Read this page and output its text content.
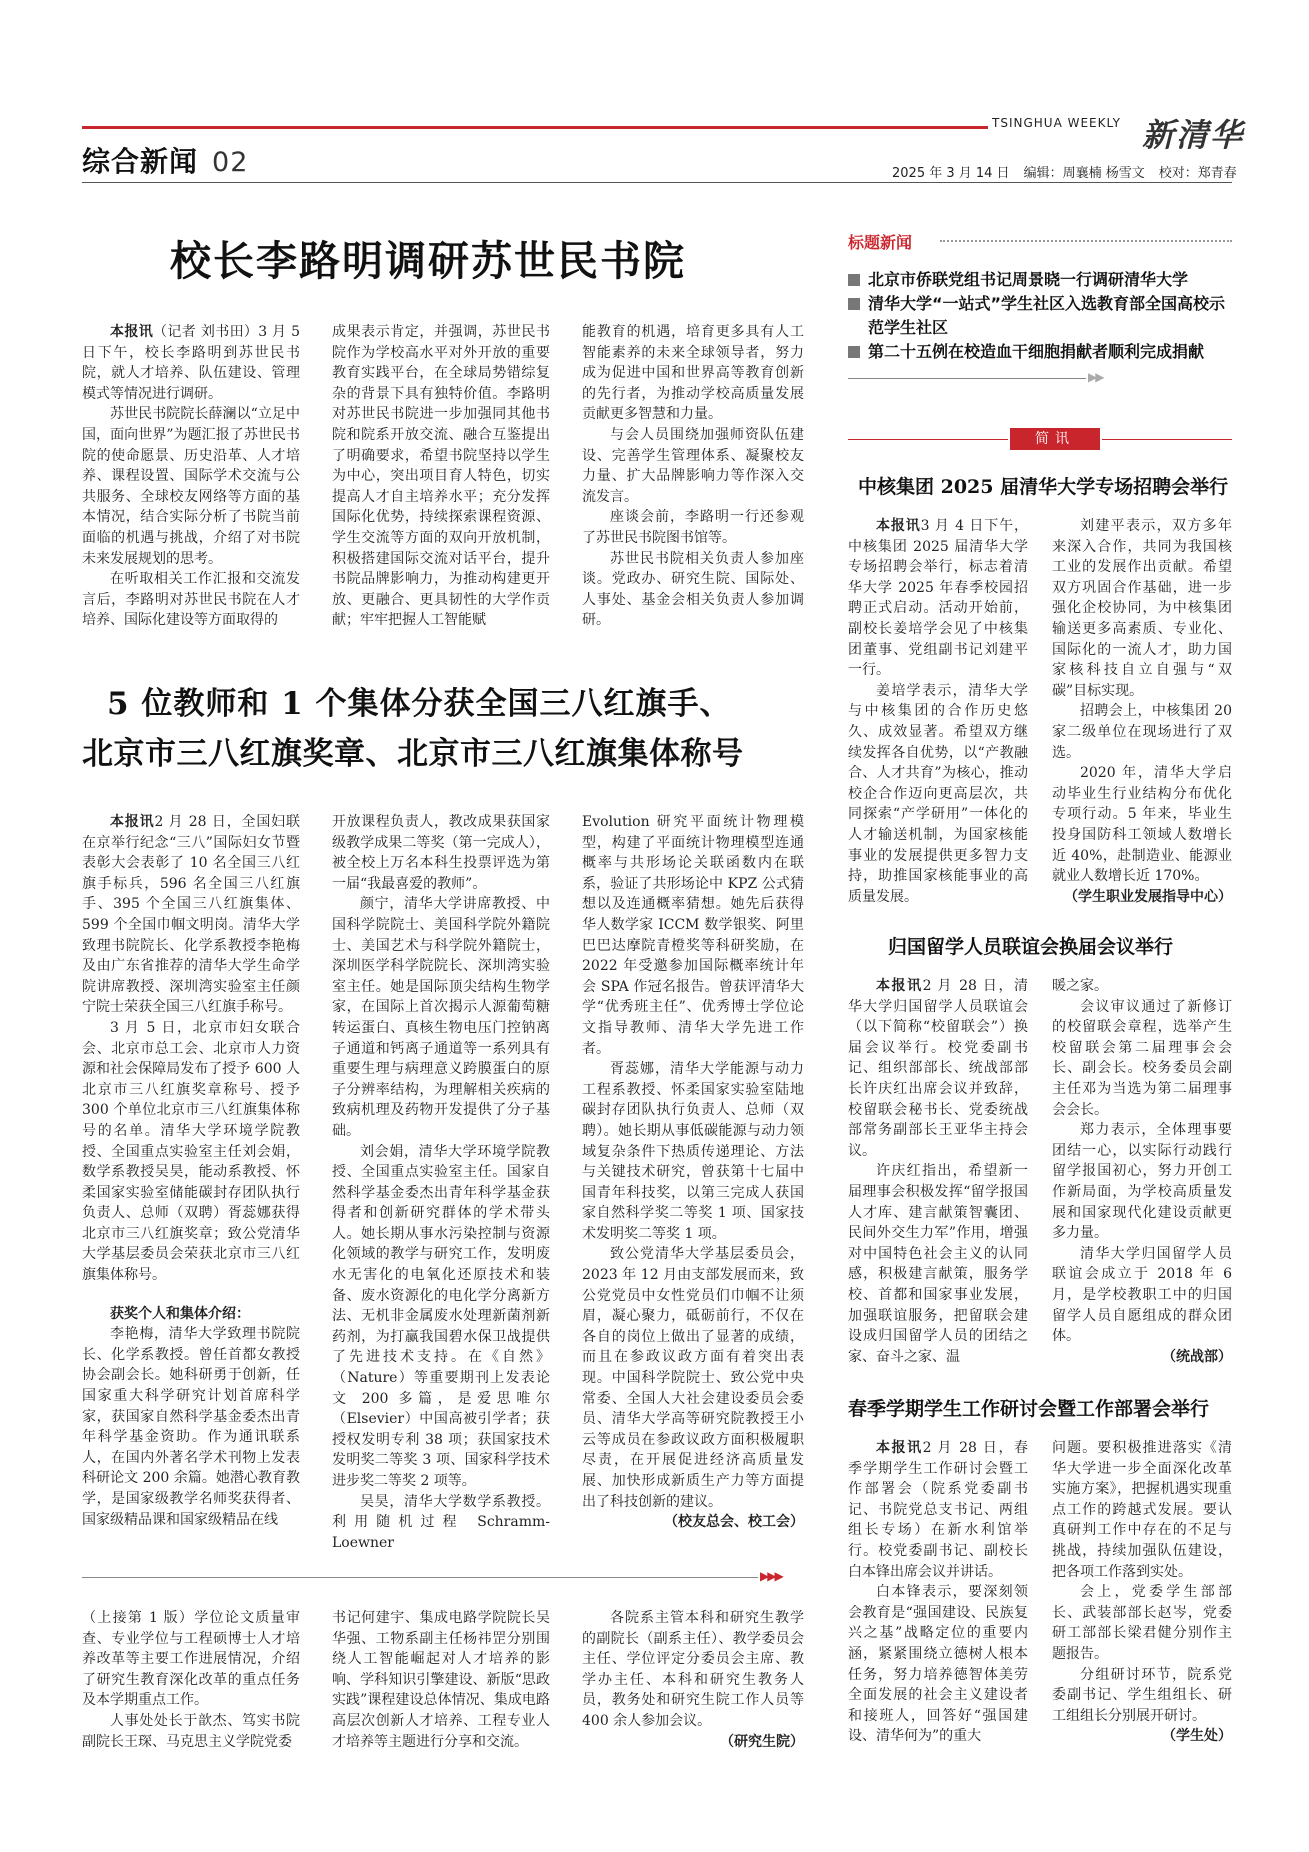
TSINGHUA WEEKLY 新清华
综合新闻 02	2025 年 3 月 14 日 编辑：周襄楠 杨雪文 校对：郑青春
校长李路明调研苏世民书院

本报讯（记者 刘书田）3 月 5 日下午，校长李路明到苏世民书院，就人才培养、队伍建设、管理模式等情况进行调研。

苏世民书院院长薛澜以“立足中国，面向世界”为题汇报了苏世民书院的使命愿景、历史沿革、人才培养、课程设置、国际学术交流与公共服务、全球校友网络等方面的基本情况，结合实际分析了书院当前面临的机遇与挑战，介绍了对书院未来发展规划的思考。

在听取相关工作汇报和交流发言后，李路明对苏世民书院在人才培养、国际化建设等方面取得的

成果表示肯定，并强调，苏世民书院作为学校高水平对外开放的重要教育实践平台，在全球局势错综复杂的背景下具有独特价值。李路明对苏世民书院进一步加强同其他书院和院系开放交流、融合互鉴提出了明确要求，希望书院坚持以学生为中心，突出项目育人特色，切实提高人才自主培养水平；充分发挥国际化优势，持续探索课程资源、学生交流等方面的双向开放机制，积极搭建国际交流对话平台，提升书院品牌影响力，为推动构建更开放、更融合、更具韧性的大学作贡献；牢牢把握人工智能赋

能教育的机遇，培育更多具有人工智能素养的未来全球领导者，努力成为促进中国和世界高等教育创新的先行者，为推动学校高质量发展贡献更多智慧和力量。

与会人员围绕加强师资队伍建设、完善学生管理体系、凝聚校友力量、扩大品牌影响力等作深入交流发言。

座谈会前，李路明一行还参观了苏世民书院图书馆等。

苏世民书院相关负责人参加座谈。党政办、研究生院、国际处、人事处、基金会相关负责人参加调研。

5 位教师和 1 个集体分获全国三八红旗手、
北京市三八红旗奖章、北京市三八红旗集体称号

本报讯2 月 28 日，全国妇联在京举行纪念“三八”国际妇女节暨表彰大会表彰了 10 名全国三八红旗手标兵，596 名全国三八红旗手、395 个全国三八红旗集体、599 个全国巾帼文明岗。清华大学致理书院院长、化学系教授李艳梅及由广东省推荐的清华大学生命学院讲席教授、深圳湾实验室主任颜宁院士荣获全国三八红旗手称号。

3 月 5 日，北京市妇女联合会、北京市总工会、北京市人力资源和社会保障局发布了授予 600 人北京市三八红旗奖章称号、授予 300 个单位北京市三八红旗集体称号的名单。清华大学环境学院教授、全国重点实验室主任刘会娟，数学系教授吴昊，能动系教授、怀柔国家实验室储能碳封存团队执行负责人、总师（双聘）胥蕊娜获得北京市三八红旗奖章；致公党清华大学基层委员会荣获北京市三八红旗集体称号。

获奖个人和集体介绍：

李艳梅，清华大学致理书院院长、化学系教授。曾任首都女教授协会副会长。她科研勇于创新，任国家重大科学研究计划首席科学家，获国家自然科学基金委杰出青年科学基金资助。作为通讯联系人，在国内外著名学术刊物上发表科研论文 200 余篇。她潜心教育教学，是国家级教学名师奖获得者、国家级精品课和国家级精品在线

开放课程负责人，教改成果获国家级教学成果二等奖（第一完成人），被全校上万名本科生投票评选为第一届“我最喜爱的教师”。

颜宁，清华大学讲席教授、中国科学院院士、美国科学院外籍院士、美国艺术与科学院外籍院士，深圳医学科学院院长、深圳湾实验室主任。她是国际顶尖结构生物学家，在国际上首次揭示人源葡萄糖转运蛋白、真核生物电压门控钠离子通道和钙离子通道等一系列具有重要生理与病理意义跨膜蛋白的原子分辨率结构，为理解相关疾病的致病机理及药物开发提供了分子基础。

刘会娟，清华大学环境学院教授、全国重点实验室主任。国家自然科学基金委杰出青年科学基金获得者和创新研究群体的学术带头人。她长期从事水污染控制与资源化领域的教学与研究工作，发明废水无害化的电氧化还原技术和装备、废水资源化的电化学分离新方法、无机非金属废水处理新菌剂新药剂，为打赢我国碧水保卫战提供了先进技术支持。在《自然》（Nature）等重要期刊上发表论文 200 多篇，是爱思唯尔（Elsevier）中国高被引学者；获授权发明专利 38 项；获国家技术发明奖二等奖 3 项、国家科学技术进步奖二等奖 2 项等。

吴昊，清华大学数学系教授。利用随机过程 Schramm-Loewner

Evolution 研究平面统计物理模型，构建了平面统计物理模型连通概率与共形场论关联函数内在联系，验证了共形场论中 KPZ 公式猜想以及连通概率猜想。她先后获得华人数学家 ICCM 数学银奖、阿里巴巴达摩院青橙奖等科研奖励，在 2022 年受邀参加国际概率统计年会 SPA 作冠名报告。曾获评清华大学“优秀班主任”、优秀博士学位论文指导教师、清华大学先进工作者。

胥蕊娜，清华大学能源与动力工程系教授、怀柔国家实验室陆地碳封存团队执行负责人、总师（双聘）。她长期从事低碳能源与动力领域复杂条件下热质传递理论、方法与关键技术研究，曾获第十七届中国青年科技奖，以第三完成人获国家自然科学奖二等奖 1 项、国家技术发明奖二等奖 1 项。

致公党清华大学基层委员会，2023 年 12 月由支部发展而来，致公党党员中女性党员们巾帼不让须眉，凝心聚力，砥砺前行，不仅在各自的岗位上做出了显著的成绩，而且在参政议政方面有着突出表现。中国科学院院士、致公党中央常委、全国人大社会建设委员会委员、清华大学高等研究院教授王小云等成员在参政议政方面积极履职尽责，在开展促进经济高质量发展、加快形成新质生产力等方面提出了科技创新的建议。

（校友总会、校工会）

▶▶▶

（上接第 1 版）学位论文质量审查、专业学位与工程硕博士人才培养改革等主要工作进展情况，介绍了研究生教育深化改革的重点任务及本学期重点工作。

人事处处长于歆杰、笃实书院副院长王琛、马克思主义学院党委

书记何建宇、集成电路学院院长吴华强、工物系副主任杨祎罡分别围绕人工智能崛起对人才培养的影响、学科知识引擎建设、新版“思政实践”课程建设总体情况、集成电路高层次创新人才培养、工程专业人才培养等主题进行分享和交流。

各院系主管本科和研究生教学的副院长（副系主任）、教学委员会主任、学位评定分委员会主席、教学办主任、本科和研究生教务人员，教务处和研究生院工作人员等 400 余人参加会议。

（研究生院）

标题新闻
北京市侨联党组书记周景晓一行调研清华大学
清华大学“一站式”学生社区入选教育部全国高校示范学生社区
第二十五例在校造血干细胞捐献者顺利完成捐献
▶▶
简讯
中核集团 2025 届清华大学专场招聘会举行

本报讯3 月 4 日下午，中核集团 2025 届清华大学专场招聘会举行，标志着清华大学 2025 年春季校园招聘正式启动。活动开始前，副校长姜培学会见了中核集团董事、党组副书记刘建平一行。

姜培学表示，清华大学与中核集团的合作历史悠久、成效显著。希望双方继续发挥各自优势，以“产教融合、人才共育”为核心，推动校企合作迈向更高层次，共同探索“产学研用”一体化的人才输送机制，为国家核能事业的发展提供更多智力支持，助推国家核能事业的高质量发展。

刘建平表示，双方多年来深入合作，共同为我国核工业的发展作出贡献。希望双方巩固合作基础，进一步强化企校协同，为中核集团输送更多高素质、专业化、国际化的一流人才，助力国家核科技自立自强与“双碳”目标实现。

招聘会上，中核集团 20 家二级单位在现场进行了双选。

2020 年，清华大学启动毕业生行业结构分布优化专项行动。5 年来，毕业生投身国防科工领域人数增长近 40%，赴制造业、能源业就业人数增长近 170%。

（学生职业发展指导中心）

归国留学人员联谊会换届会议举行

本报讯2 月 28 日，清华大学归国留学人员联谊会（以下简称“校留联会”）换届会议举行。校党委副书记、组织部部长、统战部部长许庆红出席会议并致辞，校留联会秘书长、党委统战部常务副部长王亚华主持会议。

许庆红指出，希望新一届理事会积极发挥“留学报国人才库、建言献策智囊团、民间外交生力军”作用，增强对中国特色社会主义的认同感，积极建言献策，服务学校、首都和国家事业发展，加强联谊服务，把留联会建设成归国留学人员的团结之家、奋斗之家、温

暖之家。

会议审议通过了新修订的校留联会章程，选举产生校留联会第二届理事会会长、副会长。校务委员会副主任邓为当选为第二届理事会会长。

郑力表示，全体理事要团结一心，以实际行动践行留学报国初心，努力开创工作新局面，为学校高质量发展和国家现代化建设贡献更多力量。

清华大学归国留学人员联谊会成立于 2018 年 6 月，是学校教职工中的归国留学人员自愿组成的群众团体。

（统战部）

春季学期学生工作研讨会暨工作部署会举行

本报讯2 月 28 日，春季学期学生工作研讨会暨工作部署会（院系党委副书记、书院党总支书记、两组组长专场）在新水利馆举行。校党委副书记、副校长白本锋出席会议并讲话。

白本锋表示，要深刻领会教育是“强国建设、民族复兴之基”战略定位的重要内涵，紧紧围绕立德树人根本任务，努力培养德智体美劳全面发展的社会主义建设者和接班人，回答好“强国建设、清华何为”的重大

问题。要积极推进落实《清华大学进一步全面深化改革实施方案》，把握机遇实现重点工作的跨越式发展。要认真研判工作中存在的不足与挑战，持续加强队伍建设，把各项工作落到实处。

会上，党委学生部部长、武装部部长赵岑，党委研工部部长梁君健分别作主题报告。

分组研讨环节，院系党委副书记、学生组组长、研工组组长分别展开研讨。

（学生处）
